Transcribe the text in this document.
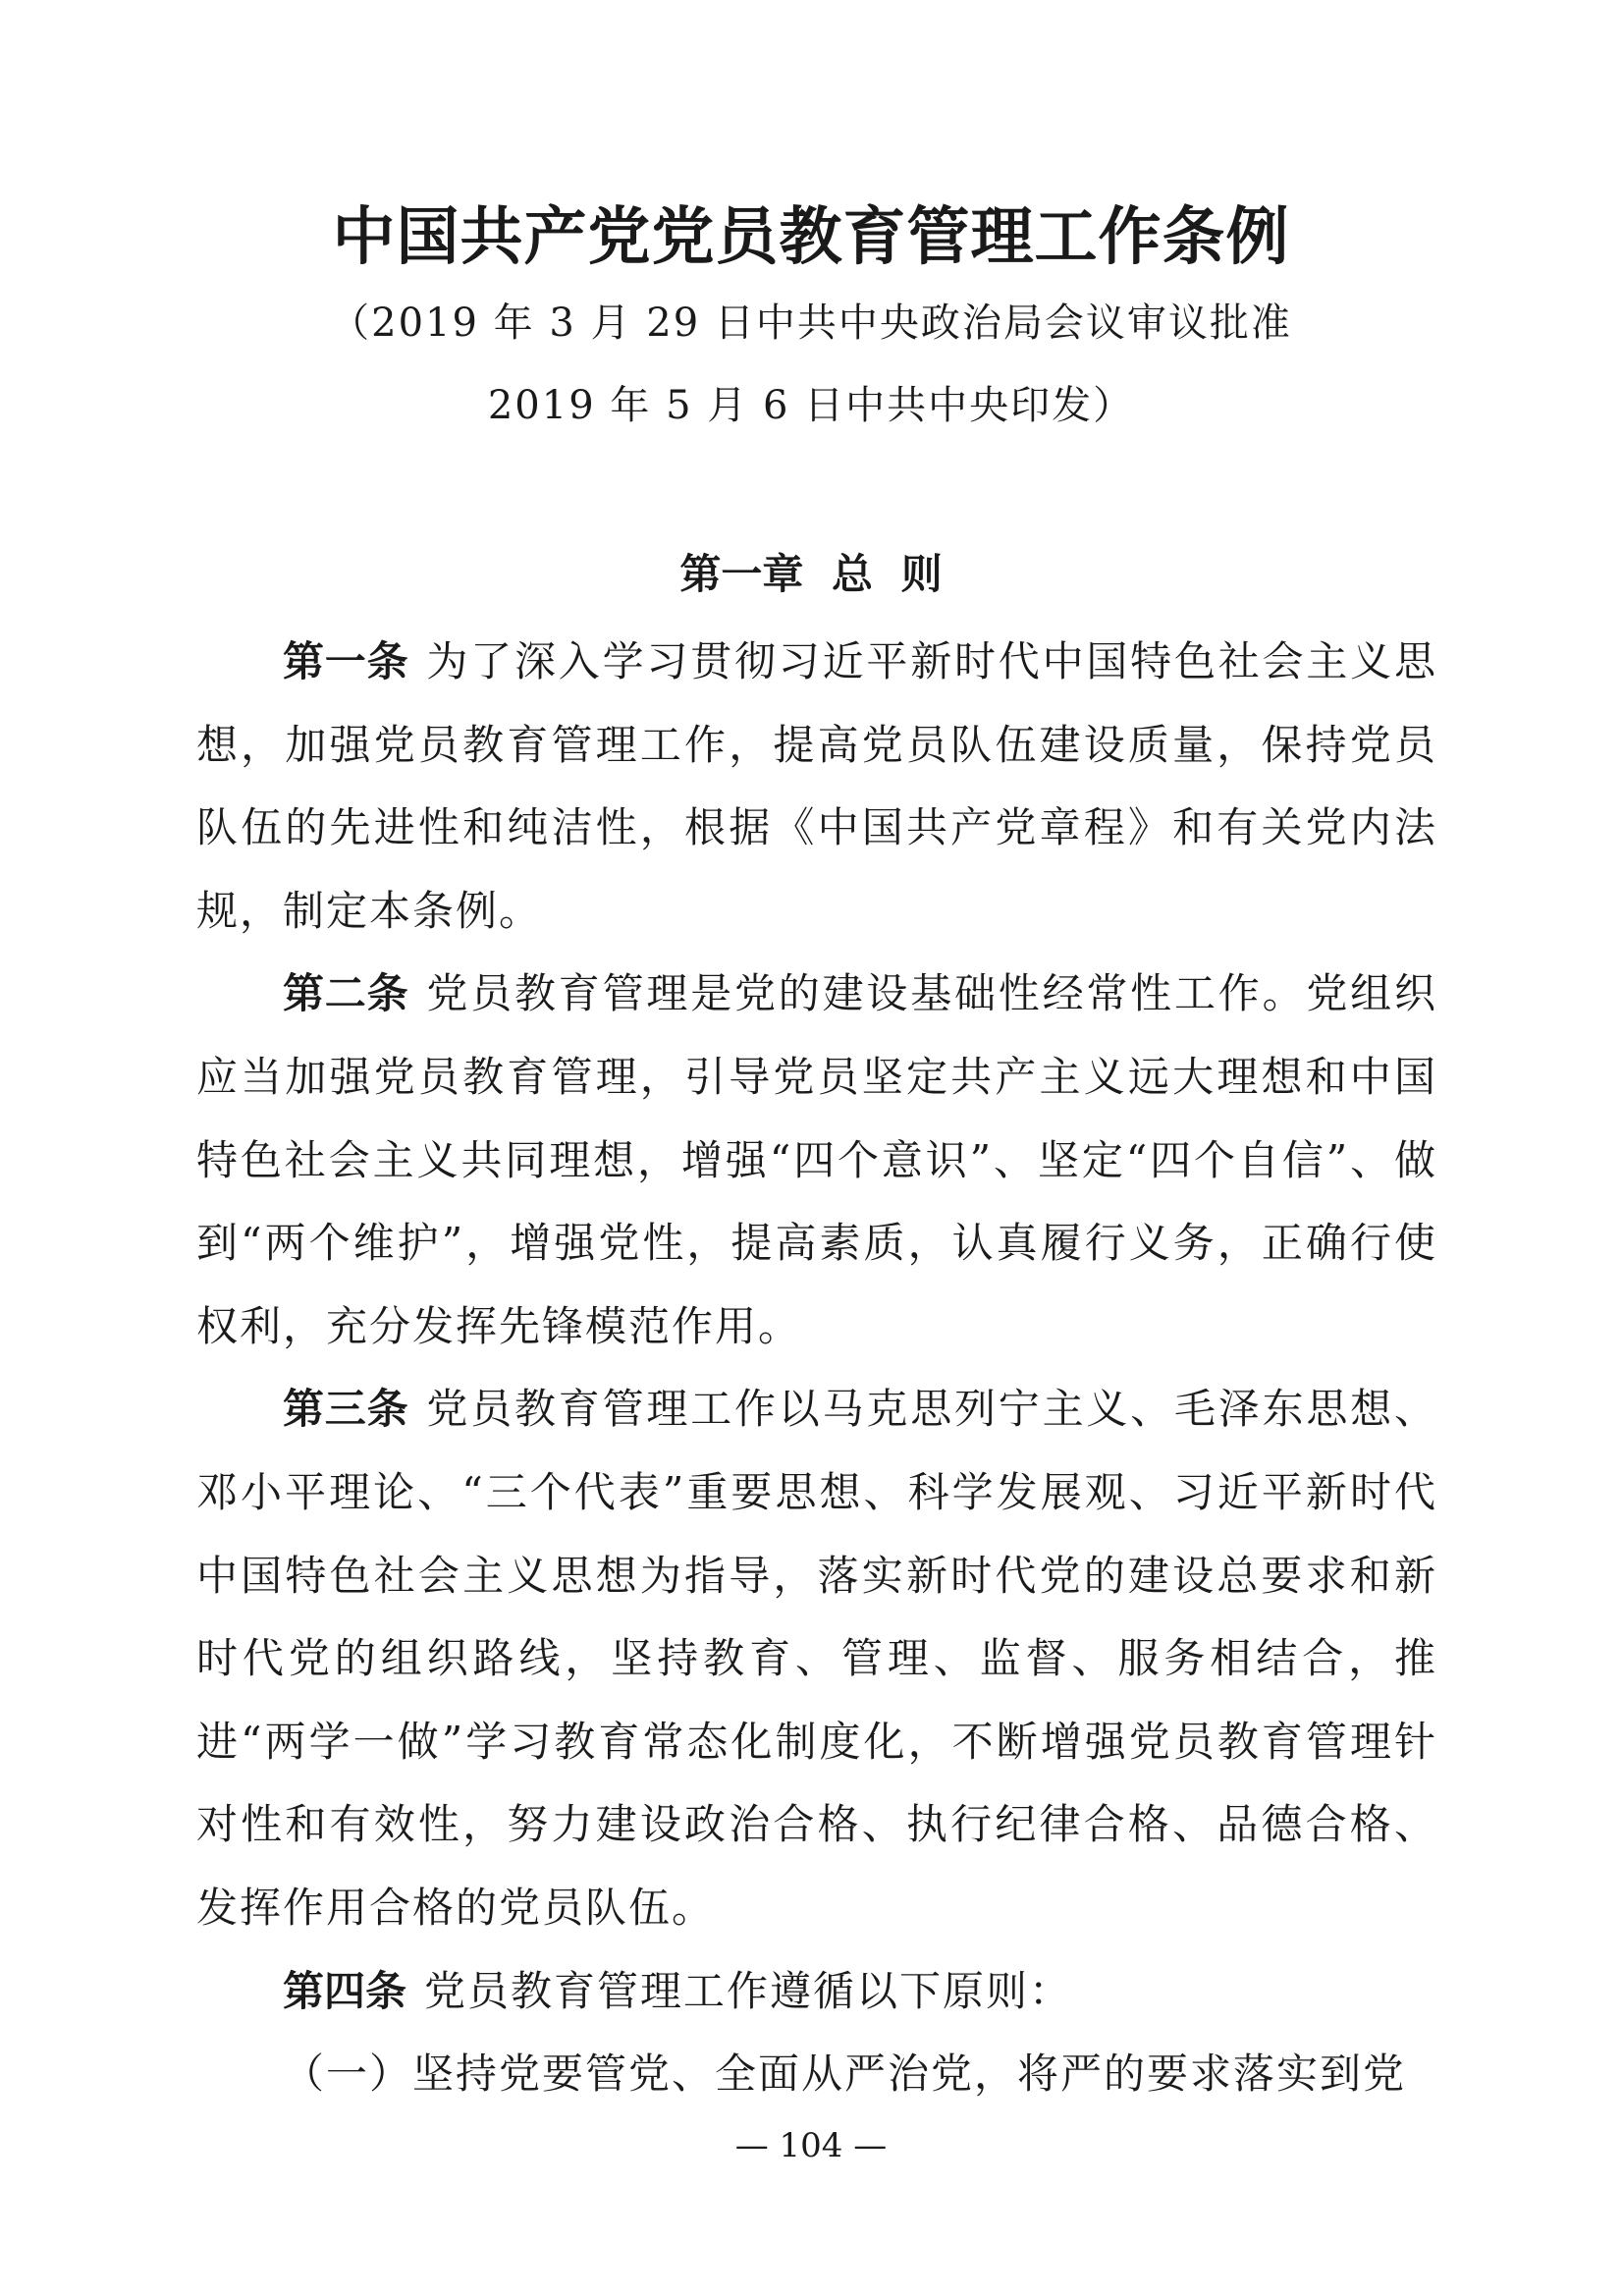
中国共产党党员教育管理工作条例

（2019 年 3 月 29 日中共中央政治局会议审议批准

2019 年 5 月 6 日中共中央印发）

第一章 总 则

第一条 为了深入学习贯彻习近平新时代中国特色社会主义思想，加强党员教育管理工作，提高党员队伍建设质量，保持党员队伍的先进性和纯洁性，根据《中国共产党章程》和有关党内法规，制定本条例。

第二条 党员教育管理是党的建设基础性经常性工作。党组织应当加强党员教育管理，引导党员坚定共产主义远大理想和中国特色社会主义共同理想，增强“四个意识”、坚定“四个自信”、做到“两个维护”，增强党性，提高素质，认真履行义务，正确行使权利，充分发挥先锋模范作用。

第三条 党员教育管理工作以马克思列宁主义、毛泽东思想、邓小平理论、“三个代表”重要思想、科学发展观、习近平新时代中国特色社会主义思想为指导，落实新时代党的建设总要求和新时代党的组织路线，坚持教育、管理、监督、服务相结合，推进“两学一做”学习教育常态化制度化，不断增强党员教育管理针对性和有效性，努力建设政治合格、执行纪律合格、品德合格、发挥作用合格的党员队伍。

第四条 党员教育管理工作遵循以下原则：

（一）坚持党要管党、全面从严治党，将严的要求落实到党

— 104 —
